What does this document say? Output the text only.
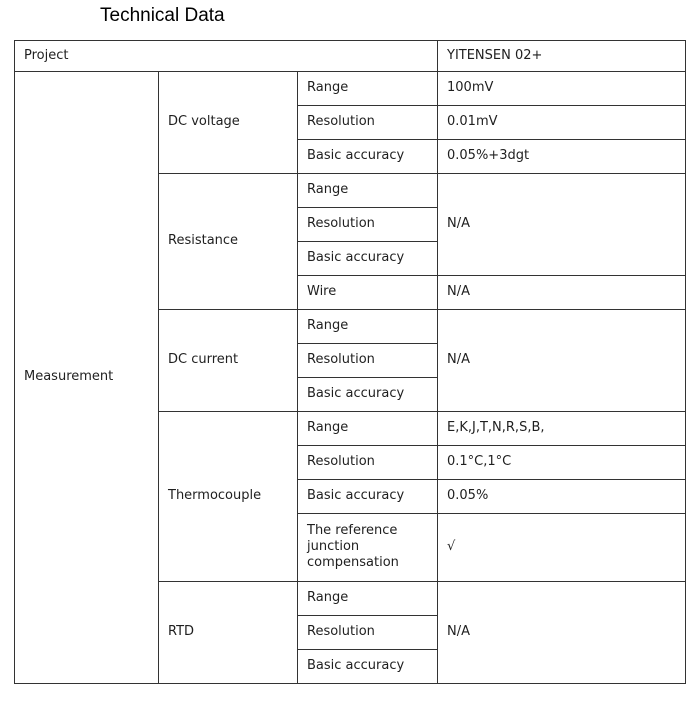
Technical Data
Project			YITENSEN 02+
Measurement	DC voltage	Range	100mV
		Resolution	0.01mV
		Basic accuracy	0.05%+3dgt
	Resistance	Range	N/A
		Resolution	
		Basic accuracy	
		Wire	N/A
	DC current	Range	N/A
		Resolution	
		Basic accuracy	
	Thermocouple	Range	E,K,J,T,N,R,S,B,
		Resolution	0.1°C,1°C
		Basic accuracy	0.05%
		The reference junction compensation	√
	RTD	Range	N/A
		Resolution	
		Basic accuracy	
